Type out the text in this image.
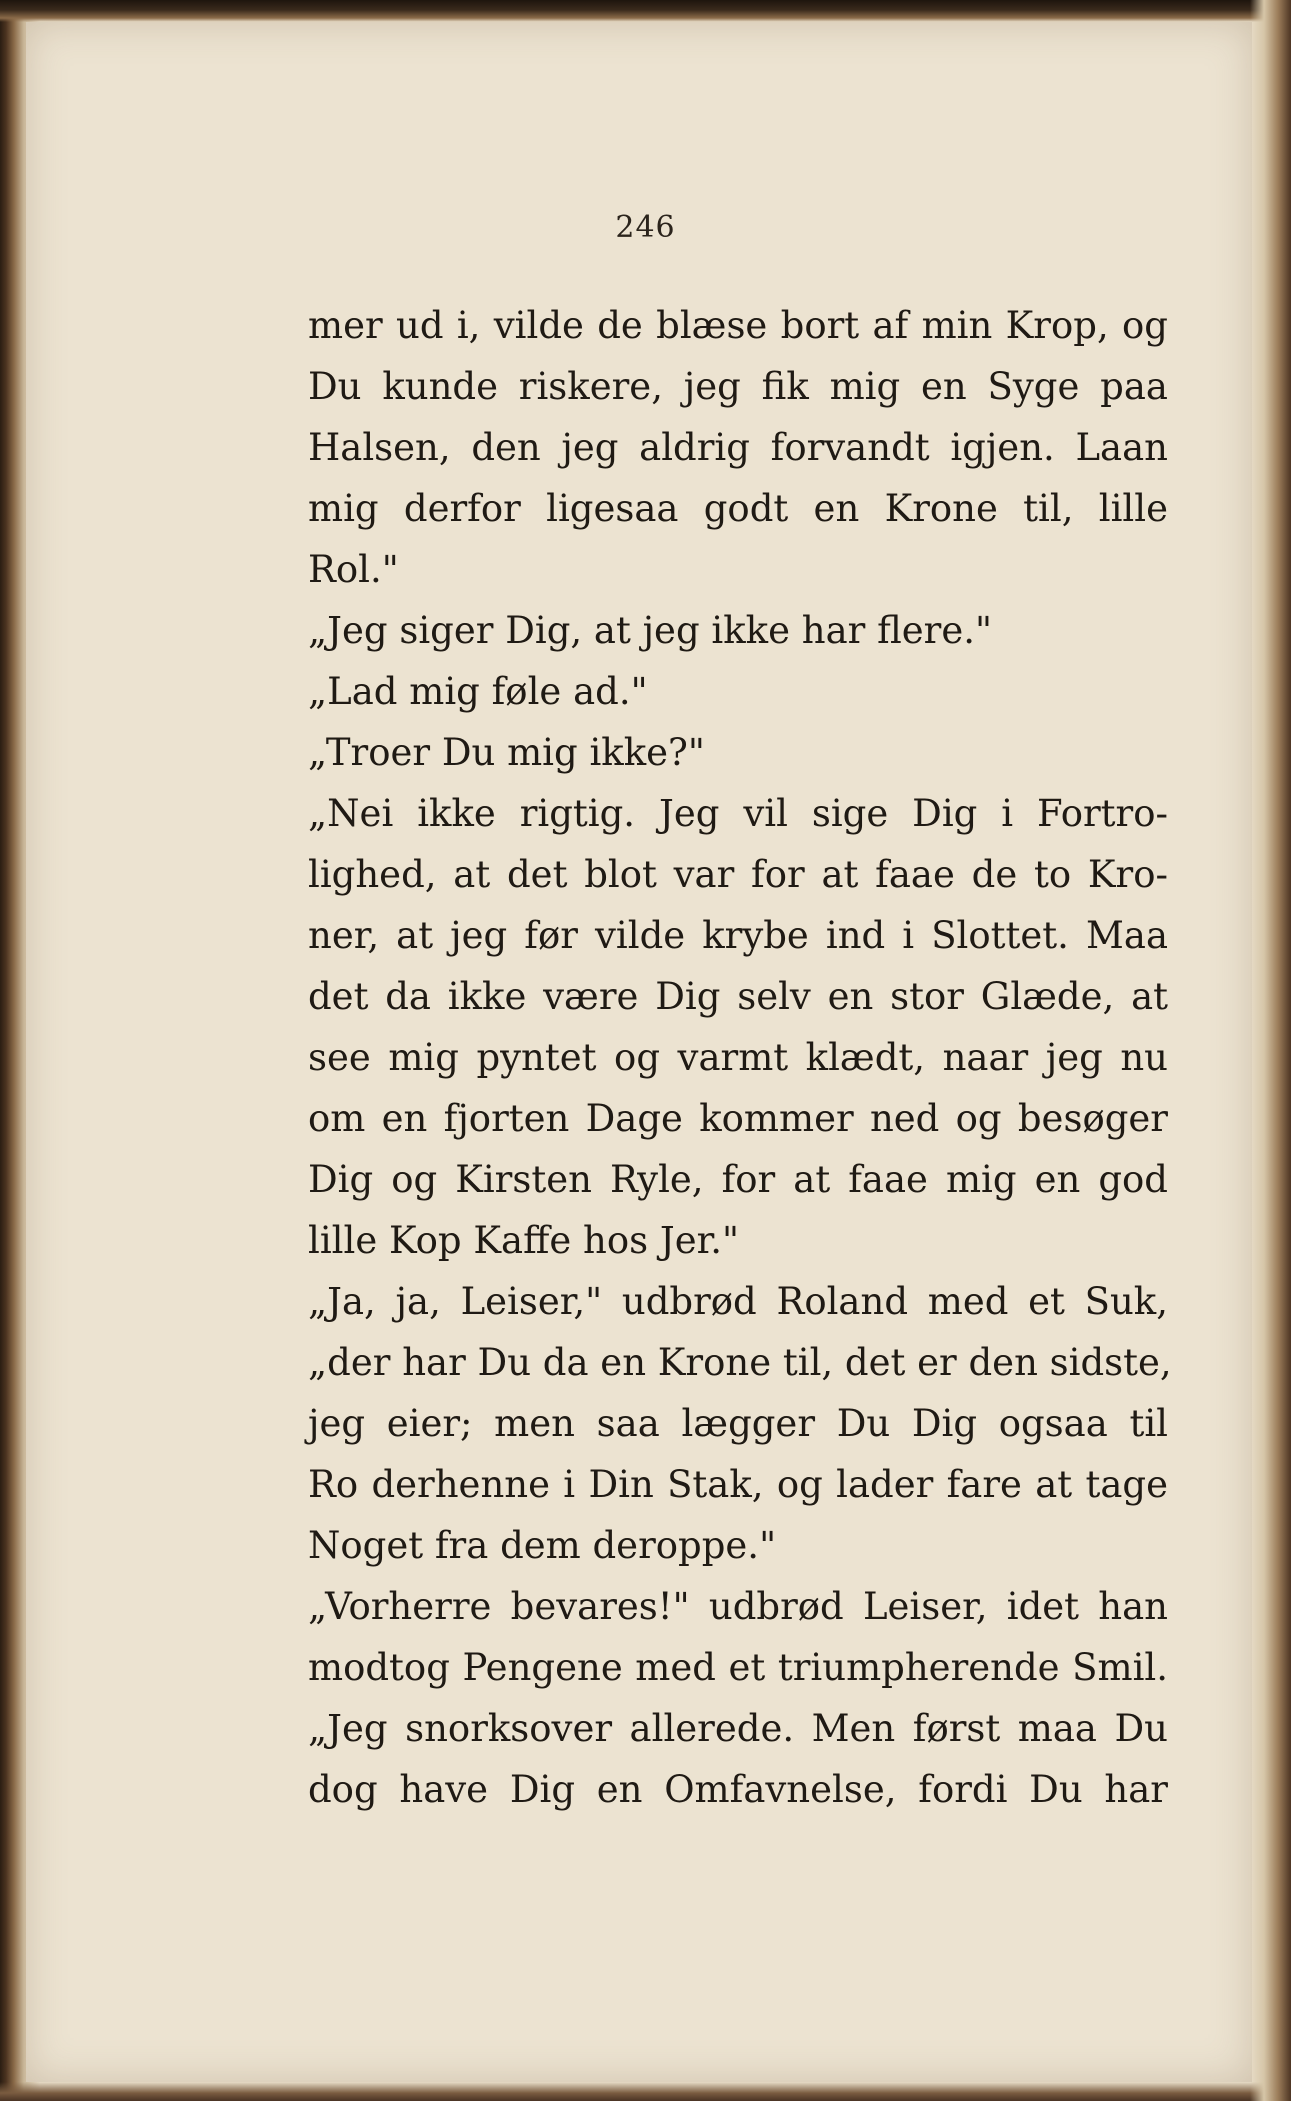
246
mer ud i, vilde de blæse bort af min Krop, og
Du kunde riskere, jeg fik mig en Syge paa
Halsen, den jeg aldrig forvandt igjen. Laan
mig derfor ligesaa godt en Krone til, lille
Rol."
„Jeg siger Dig, at jeg ikke har flere."
„Lad mig føle ad."
„Troer Du mig ikke?"
„Nei ikke rigtig. Jeg vil sige Dig i Fortro-
lighed, at det blot var for at faae de to Kro-
ner, at jeg før vilde krybe ind i Slottet. Maa
det da ikke være Dig selv en stor Glæde, at
see mig pyntet og varmt klædt, naar jeg nu
om en fjorten Dage kommer ned og besøger
Dig og Kirsten Ryle, for at faae mig en god
lille Kop Kaffe hos Jer."
„Ja, ja, Leiser," udbrød Roland med et Suk,
„der har Du da en Krone til, det er den sidste,
jeg eier; men saa lægger Du Dig ogsaa til
Ro derhenne i Din Stak, og lader fare at tage
Noget fra dem deroppe."
„Vorherre bevares!" udbrød Leiser, idet han
modtog Pengene med et triumpherende Smil.
„Jeg snorksover allerede. Men først maa Du
dog have Dig en Omfavnelse, fordi Du har
